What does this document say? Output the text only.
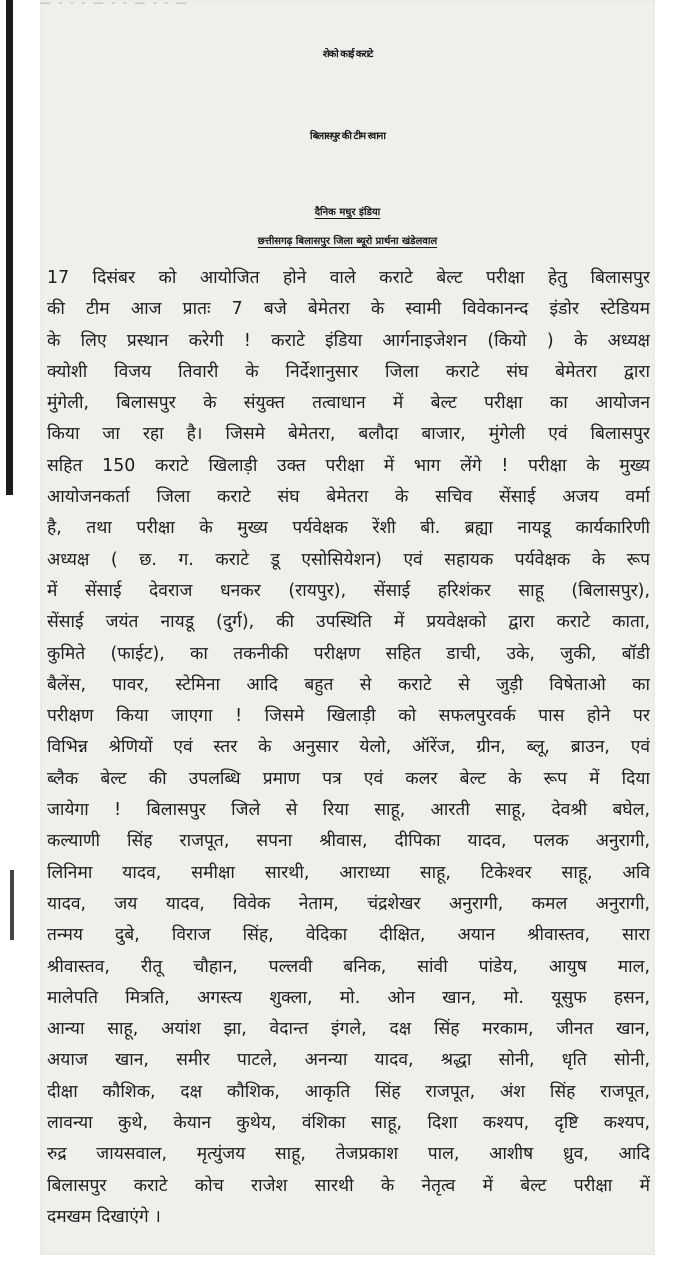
— - - - — - - — - - —
शेको काई कराटे
बिलासपुर की टीम रवाना
दैनिक मधुर इंडिया
छत्तीसगढ़ बिलासपुर जिला ब्यूरो प्रार्थना खंडेलवाल
17 दिसंबर को आयोजित होने वाले कराटे बेल्ट परीक्षा हेतु बिलासपुर
की टीम आज प्रातः 7 बजे बेमेतरा के स्वामी विवेकानन्द इंडोर स्टेडियम
के लिए प्रस्थान करेगी ! कराटे इंडिया आर्गनाइजेशन (कियो ) के अध्यक्ष
क्योशी विजय तिवारी के निर्देशानुसार जिला कराटे संघ बेमेतरा द्वारा
मुंगेली, बिलासपुर के संयुक्त तत्वाधान में बेल्ट परीक्षा का आयोजन
किया जा रहा है। जिसमे बेमेतरा, बलौदा बाजार, मुंगेली एवं बिलासपुर
सहित 150 कराटे खिलाड़ी उक्त परीक्षा में भाग लेंगे ! परीक्षा के मुख्य
आयोजनकर्ता जिला कराटे संघ बेमेतरा के सचिव सेंसाई अजय वर्मा
है, तथा परीक्षा के मुख्य पर्यवेक्षक रेंशी बी. ब्रह्या नायडू कार्यकारिणी
अध्यक्ष ( छ. ग. कराटे डू एसोसियेशन) एवं सहायक पर्यवेक्षक के रूप
में सेंसाई देवराज धनकर (रायपुर), सेंसाई हरिशंकर साहू (बिलासपुर),
सेंसाई जयंत नायडू (दुर्ग), की उपस्थिति में प्रयवेक्षको द्वारा कराटे काता,
कुमिते (फाईट), का तकनीकी परीक्षण सहित डाची, उके, जुकी, बॉडी
बैलेंस, पावर, स्टेमिना आदि बहुत से कराटे से जुड़ी विषेताओ का
परीक्षण किया जाएगा ! जिसमे खिलाड़ी को सफलपुरवर्क पास होने पर
विभिन्न श्रेणियों एवं स्तर के अनुसार येलो, ऑरेंज, ग्रीन, ब्लू, ब्राउन, एवं
ब्लैक बेल्ट की उपलब्धि प्रमाण पत्र एवं कलर बेल्ट के रूप में दिया
जायेगा ! बिलासपुर जिले से रिया साहू, आरती साहू, देवश्री बघेल,
कल्याणी सिंह राजपूत, सपना श्रीवास, दीपिका यादव, पलक अनुरागी,
लिनिमा यादव, समीक्षा सारथी, आराध्या साहू, टिकेश्वर साहू, अवि
यादव, जय यादव, विवेक नेताम, चंद्रशेखर अनुरागी, कमल अनुरागी,
तन्मय दुबे, विराज सिंह, वेदिका दीक्षित, अयान श्रीवास्तव, सारा
श्रीवास्तव, रीतू चौहान, पल्लवी बनिक, सांवी पांडेय, आयुष माल,
मालेपति मित्रति, अगस्त्य शुक्ला, मो. ओन खान, मो. यूसुफ हसन,
आन्या साहू, अयांश झा, वेदान्त इंगले, दक्ष सिंह मरकाम, जीनत खान,
अयाज खान, समीर पाटले, अनन्या यादव, श्रद्धा सोनी, धृति सोनी,
दीक्षा कौशिक, दक्ष कौशिक, आकृति सिंह राजपूत, अंश सिंह राजपूत,
लावन्या कुथे, केयान कुथेय, वंशिका साहू, दिशा कश्यप, दृष्टि कश्यप,
रुद्र जायसवाल, मृत्युंजय साहू, तेजप्रकाश पाल, आशीष ध्रुव, आदि
बिलासपुर कराटे कोच राजेश सारथी के नेतृत्व में बेल्ट परीक्षा में
दमखम दिखाएंगे ।
